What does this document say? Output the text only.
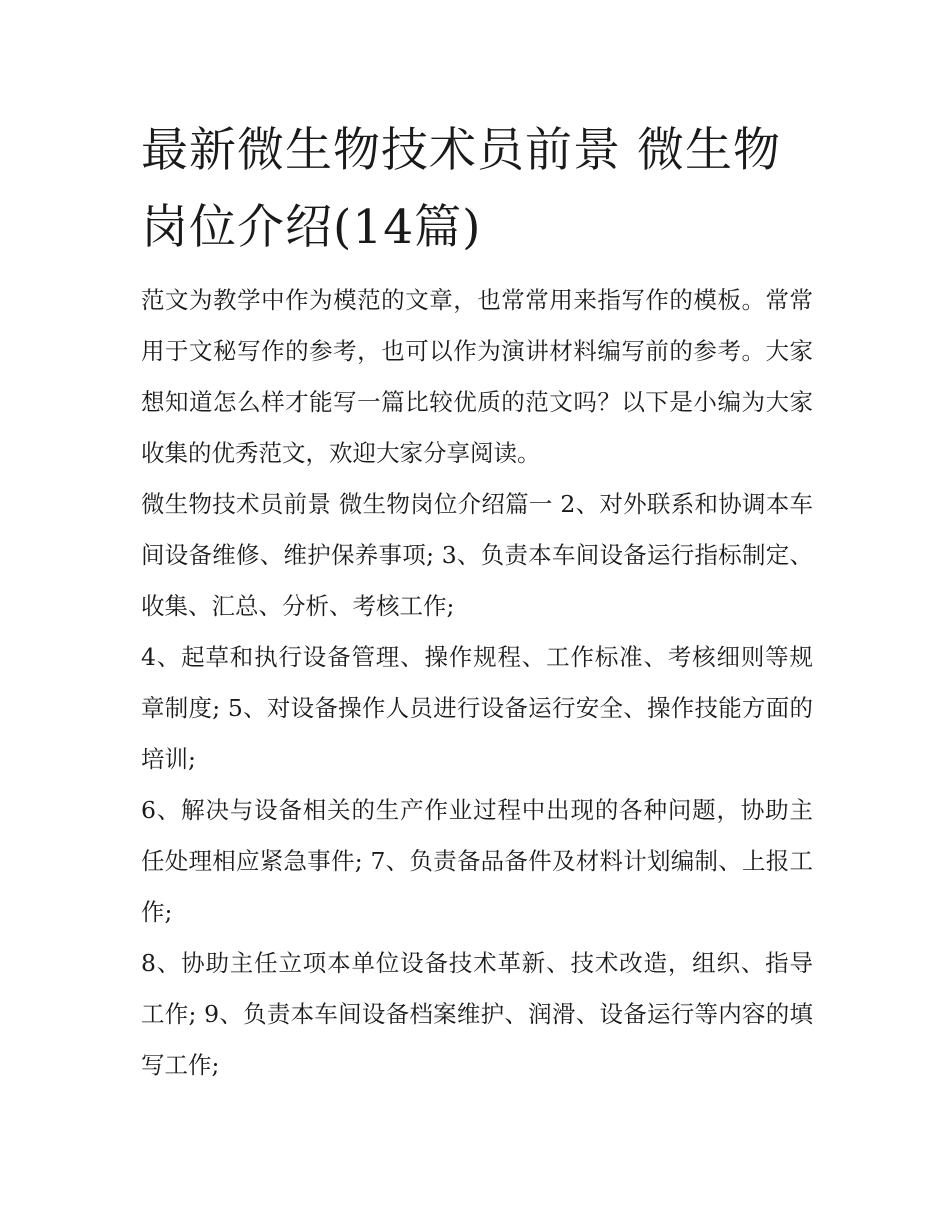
最新微生物技术员前景 微生物岗位介绍(14篇)

范文为教学中作为模范的文章，也常常用来指写作的模板。常常用于文秘写作的参考，也可以作为演讲材料编写前的参考。大家想知道怎么样才能写一篇比较优质的范文吗？以下是小编为大家收集的优秀范文，欢迎大家分享阅读。

微生物技术员前景 微生物岗位介绍篇一 2、对外联系和协调本车间设备维修、维护保养事项; 3、负责本车间设备运行指标制定、收集、汇总、分析、考核工作;

4、起草和执行设备管理、操作规程、工作标准、考核细则等规章制度; 5、对设备操作人员进行设备运行安全、操作技能方面的培训;

6、解决与设备相关的生产作业过程中出现的各种问题，协助主任处理相应紧急事件; 7、负责备品备件及材料计划编制、上报工作;

8、协助主任立项本单位设备技术革新、技术改造，组织、指导工作; 9、负责本车间设备档案维护、润滑、设备运行等内容的填写工作;
